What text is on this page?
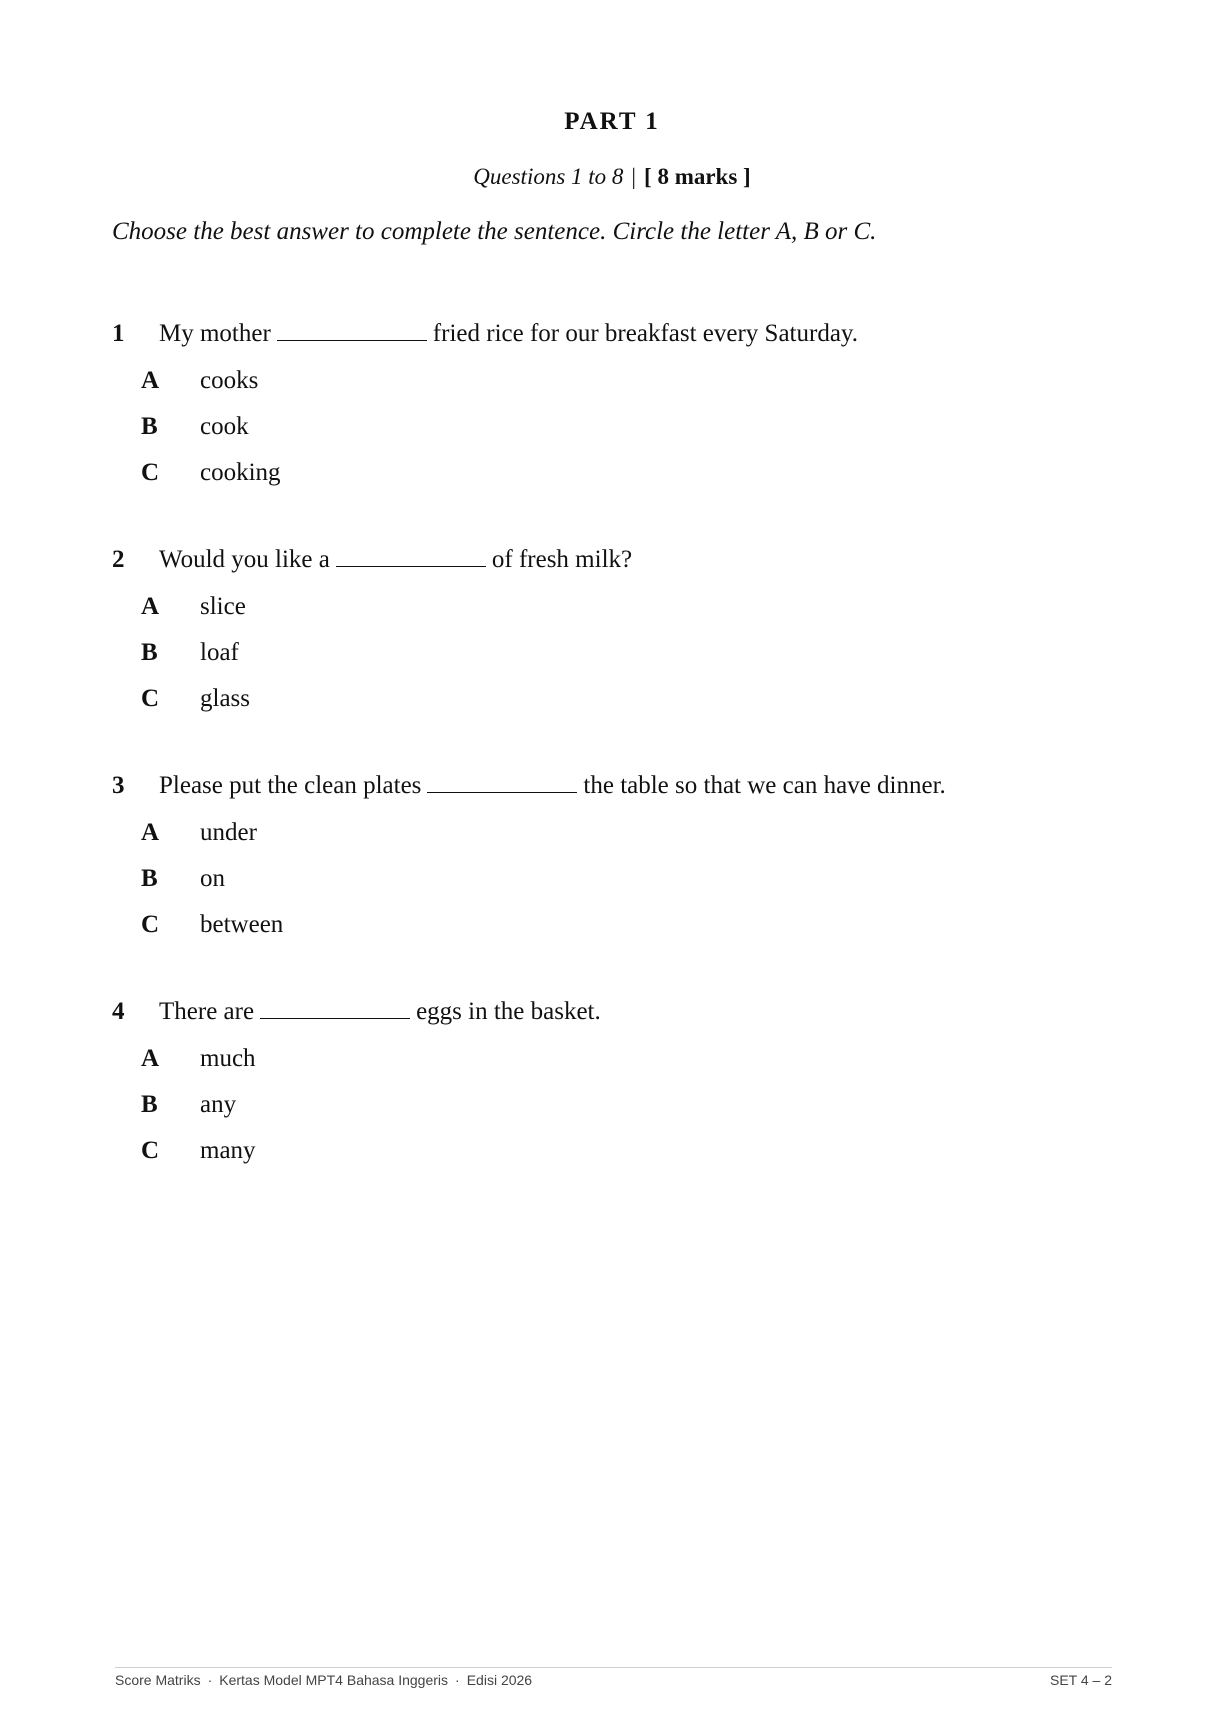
PART 1
Questions 1 to 8 | [ 8 marks ]
Choose the best answer to complete the sentence. Circle the letter A, B or C.
1 My mother	fried rice for our breakfast every Saturday.
A cooks
B cook
C cooking
2 Would you like a	of fresh milk?
A slice
B loaf
C glass
3 Please put the clean plates	the table so that we can have dinner.
A under
B on
C between
4 There are	eggs in the basket.
A much
B any
C many
Score Matriks · Kertas Model MPT4 Bahasa Inggeris · Edisi 2026	SET 4 – 2
